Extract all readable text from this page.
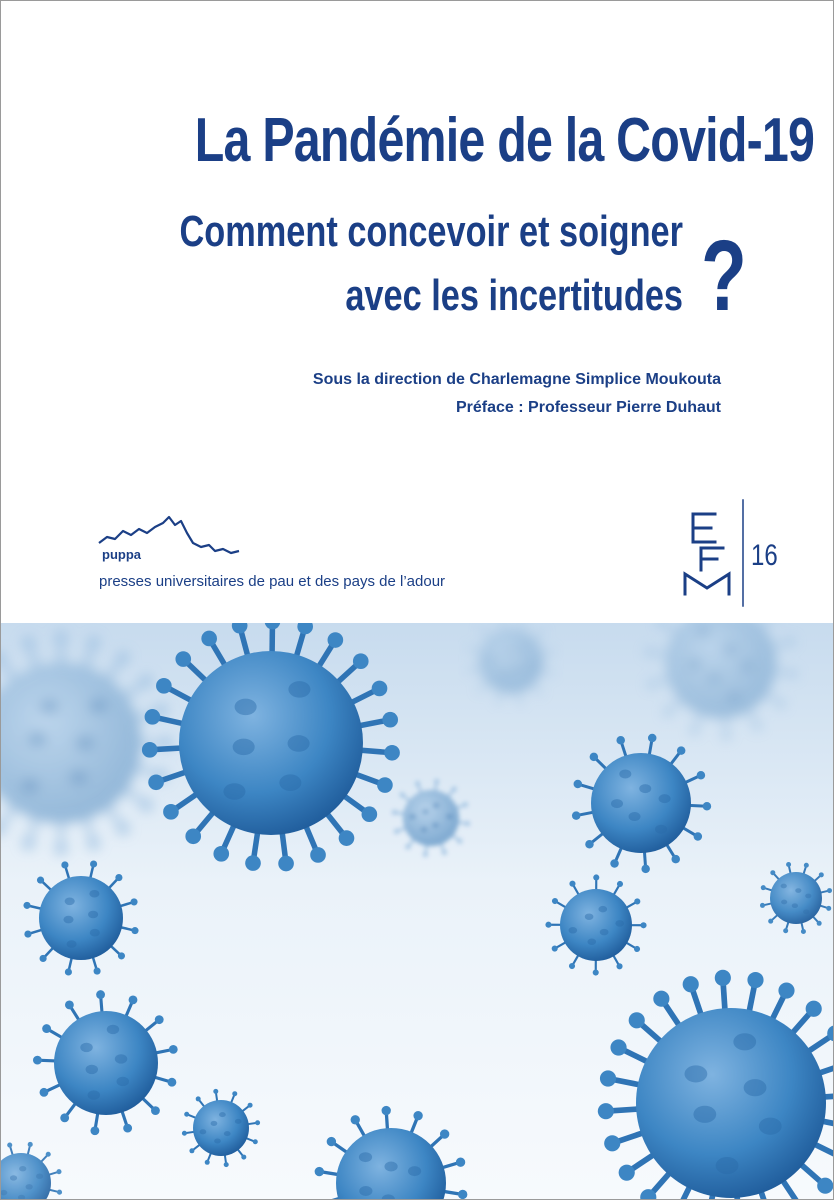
La Pandémie de la Covid-19
Comment concevoir et soigner
avec les incertitudes ?
Sous la direction de Charlemagne Simplice Moukouta
Préface : Professeur Pierre Duhaut
puppa
presses universitaires de pau et des pays de l’adour
16
